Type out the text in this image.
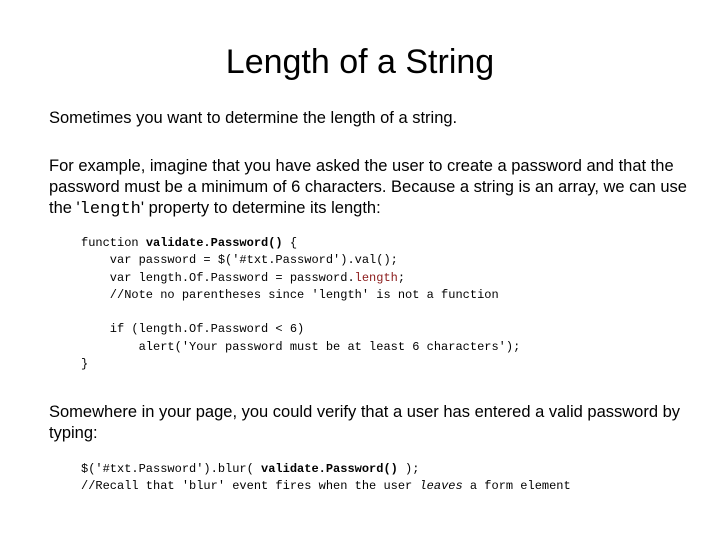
Length of a String
Sometimes you want to determine the length of a string.
For example, imagine that you have asked the user to create a password and that the password must be a minimum of 6 characters. Because a string is an array, we can use the 'length' property to determine its length:
function validate.Password() {
var password = $('#txt.Password').val();
var length.Of.Password = password.length;
//Note no parentheses since 'length' is not a function
if (length.Of.Password < 6)
alert('Your password must be at least 6 characters');
}
Somewhere in your page, you could verify that a user has entered a valid password by typing:
$('#txt.Password').blur( validate.Password() );
//Recall that 'blur' event fires when the user leaves a form element
